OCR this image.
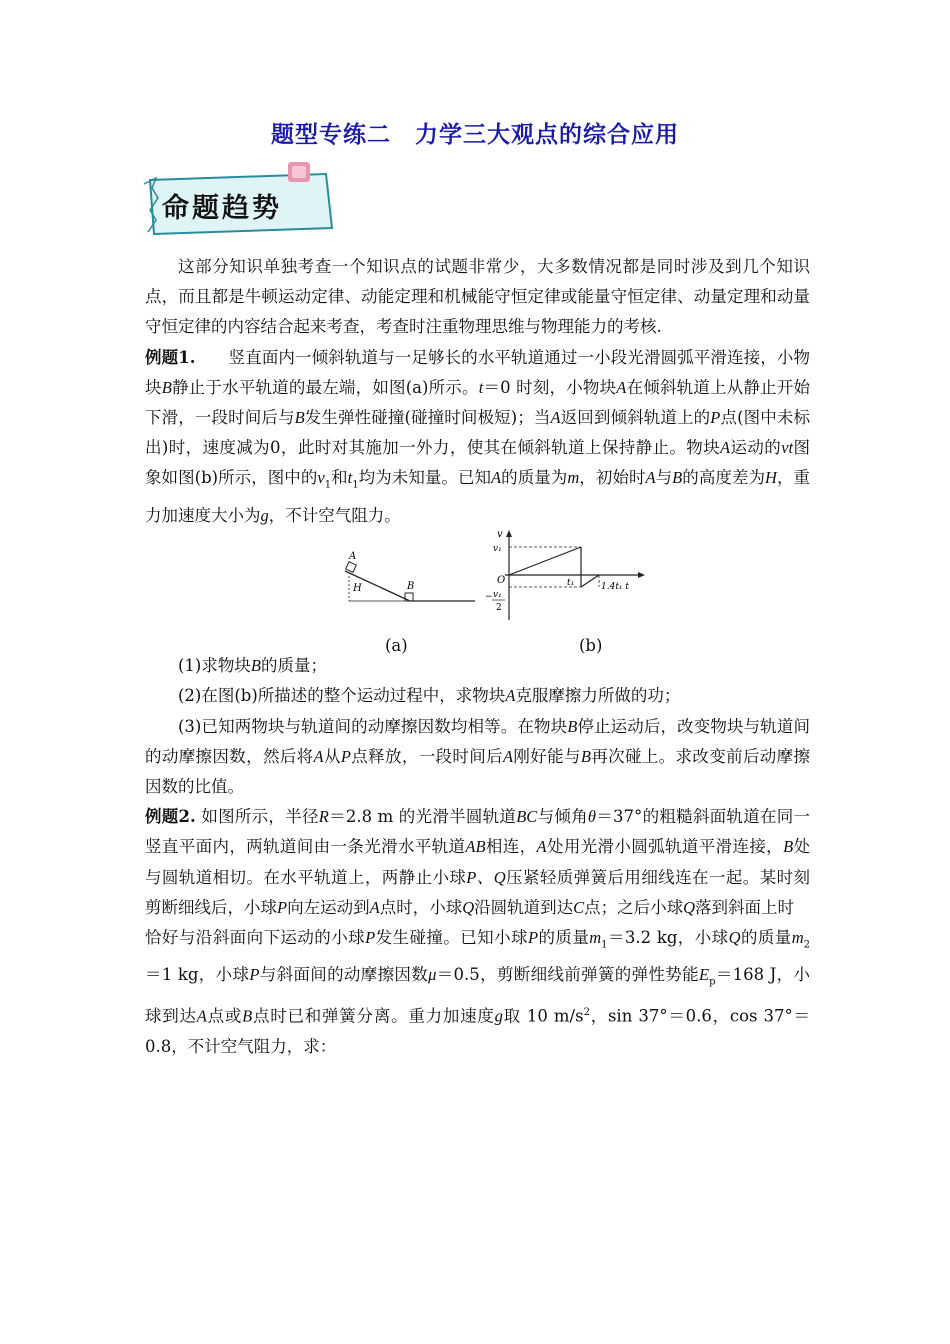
题型专练二　力学三大观点的综合应用
命题趋势

这部分知识单独考查一个知识点的试题非常少，大多数情况都是同时涉及到几个知识点，而且都是牛顿运动定律、动能定理和机械能守恒定律或能量守恒定律、动量定理和动量守恒定律的内容结合起来考查，考查时注重物理思维与物理能力的考核.

例题1.   竖直面内一倾斜轨道与一足够长的水平轨道通过一小段光滑圆弧平滑连接，小物块B静止于水平轨道的最左端，如图(a)所示。t＝0 时刻，小物块A在倾斜轨道上从静止开始下滑，一段时间后与B发生弹性碰撞(碰撞时间极短)；当A返回到倾斜轨道上的P点(图中未标出)时，速度减为0，此时对其施加一外力，使其在倾斜轨道上保持静止。物块A运动的vt图象如图(b)所示，图中的$v_1$和$t_1$均为未知量。已知A的质量为m，初始时A与B的高度差为H，重力加速度大小为g，不计空气阻力。

A
H	B
v
v₁
O	t₁	1.4t₁ t
− v₁
2
(a)	(b)

(1)求物块B的质量；

(2)在图(b)所描述的整个运动过程中，求物块A克服摩擦力所做的功；

(3)已知两物块与轨道间的动摩擦因数均相等。在物块B停止运动后，改变物块与轨道间的动摩擦因数，然后将A从P点释放，一段时间后A刚好能与B再次碰上。求改变前后动摩擦因数的比值。

例题2. 如图所示，半径R＝2.8 m 的光滑半圆轨道BC与倾角θ＝37°的粗糙斜面轨道在同一竖直平面内，两轨道间由一条光滑水平轨道AB相连，A处用光滑小圆弧轨道平滑连接，B处与圆轨道相切。在水平轨道上，两静止小球P、Q压紧轻质弹簧后用细线连在一起。某时刻剪断细线后，小球P向左运动到A点时，小球Q沿圆轨道到达C点；之后小球Q落到斜面上时

恰好与沿斜面向下运动的小球P发生碰撞。已知小球P的质量$m_1=3.2$ kg，小球Q的质量$m_2=1$ kg，小球P与斜面间的动摩擦因数μ＝0.5，剪断细线前弹簧的弹性势能$E_p=168$ J，小球到达A点或B点时已和弹簧分离。重力加速度g取 10 $m/s^2$，sin 37°＝0.6，cos 37°＝0.8，不计空气阻力，求：
